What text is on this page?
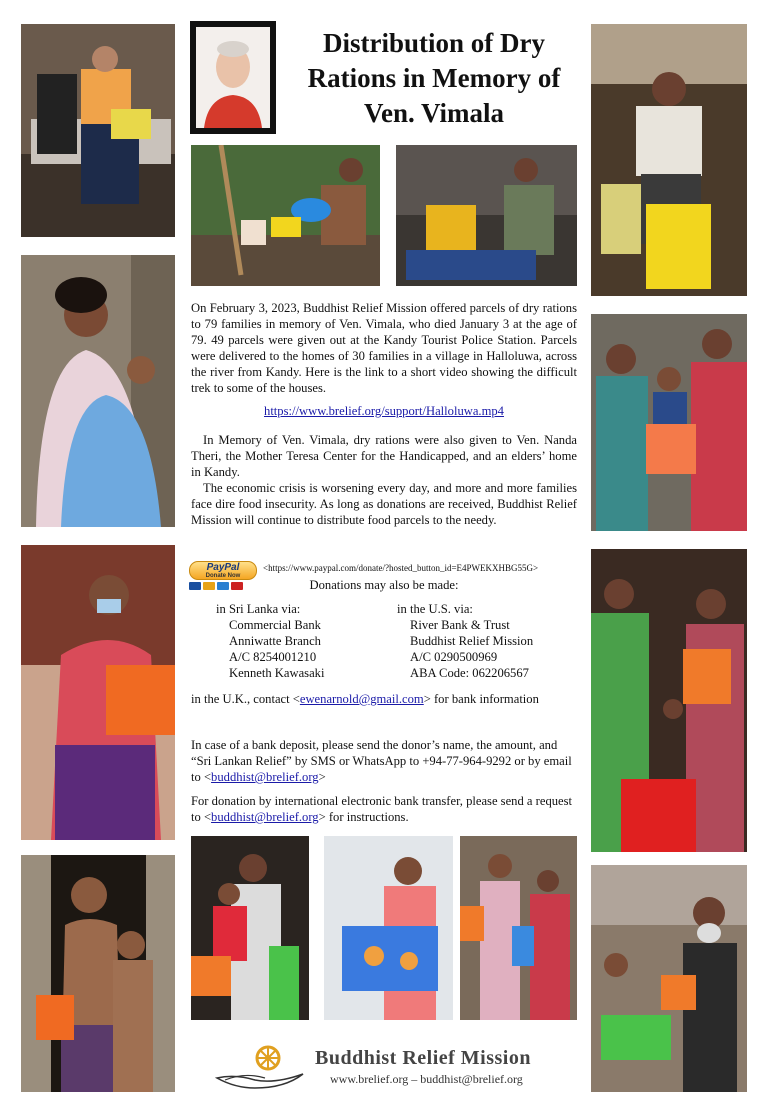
Distribution of Dry Rations in Memory of Ven. Vimala

On February 3, 2023, Buddhist Relief Mission offered parcels of dry rations to 79 families in memory of Ven. Vimala, who died January 3 at the age of 79. 49 parcels were given out at the Kandy Tourist Police Station. Parcels were delivered to the homes of 30 families in a village in Halloluwa, across the river from Kandy. Here is the link to a short video showing the difficult trek to some of the houses.

https://www.brelief.org/support/Halloluwa.mp4

In Memory of Ven. Vimala, dry rations were also given to Ven. Nanda Theri, the Mother Teresa Center for the Handicapped, and an elders’ home in Kandy.

The economic crisis is worsening every day, and more and more families face dire food insecurity. As long as donations are received, Buddhist Relief Mission will continue to distribute food parcels to the needy.

PayPal
Donate Now
<https://www.paypal.com/donate/?hosted_button_id=E4PWEKXHBG55G>
Donations may also be made:
in Sri Lanka via:
Commercial Bank
Anniwatte Branch
A/C 8254001210
Kenneth Kawasaki
in the U.S. via:
River Bank & Trust
Buddhist Relief Mission
A/C 0290500969
ABA Code: 062206567

in the U.K., contact <ewenarnold@gmail.com> for bank information

In case of a bank deposit, please send the donor’s name, the amount, and “Sri Lankan Relief” by SMS or WhatsApp to +94-77-964-9292 or by email to <buddhist@brelief.org>

For donation by international electronic bank transfer, please send a request to <buddhist@brelief.org> for instructions.

Buddhist Relief Mission
www.brelief.org – buddhist@brelief.org
